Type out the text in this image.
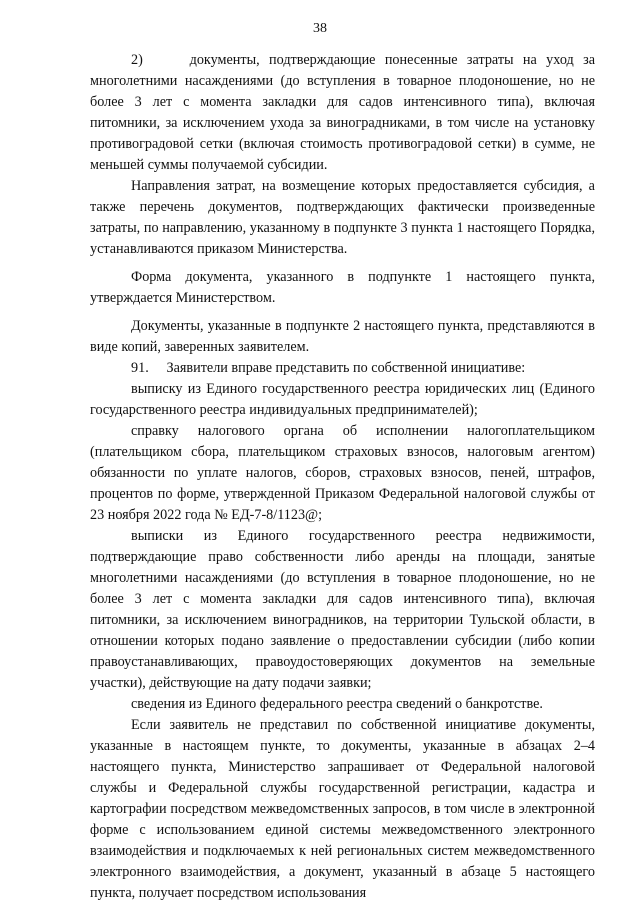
38

2)     документы, подтверждающие понесенные затраты на уход за многолетними насаждениями (до вступления в товарное плодоношение, но не более 3 лет с момента закладки для садов интенсивного типа), включая питомники, за исключением ухода за виноградниками, в том числе на установку противоградовой сетки (включая стоимость противоградовой сетки) в сумме, не меньшей суммы получаемой субсидии.

Направления затрат, на возмещение которых предоставляется субсидия, а также перечень документов, подтверждающих фактически произведенные затраты, по направлению, указанному в подпункте 3 пункта 1 настоящего Порядка, устанавливаются приказом Министерства.

Форма документа, указанного в подпункте 1 настоящего пункта, утверждается Министерством.

Документы, указанные в подпункте 2 настоящего пункта, представляются в виде копий, заверенных заявителем.

91.     Заявители вправе представить по собственной инициативе:

выписку из Единого государственного реестра юридических лиц (Единого государственного реестра индивидуальных предпринимателей);

справку налогового органа об исполнении налогоплательщиком (плательщиком сбора, плательщиком страховых взносов, налоговым агентом) обязанности по уплате налогов, сборов, страховых взносов, пеней, штрафов, процентов по форме, утвержденной Приказом Федеральной налоговой службы от 23 ноября 2022 года № ЕД-7-8/1123@;

выписки из Единого государственного реестра недвижимости, подтверждающие право собственности либо аренды на площади, занятые многолетними насаждениями (до вступления в товарное плодоношение, но не более 3 лет с момента закладки для садов интенсивного типа), включая питомники, за исключением виноградников, на территории Тульской области, в отношении которых подано заявление о предоставлении субсидии (либо копии правоустанавливающих, правоудостоверяющих документов на земельные участки), действующие на дату подачи заявки;

сведения из Единого федерального реестра сведений о банкротстве.

Если заявитель не представил по собственной инициативе документы, указанные в настоящем пункте, то документы, указанные в абзацах 2–4 настоящего пункта, Министерство запрашивает от Федеральной налоговой службы и Федеральной службы государственной регистрации, кадастра и картографии посредством межведомственных запросов, в том числе в электронной форме с использованием единой системы межведомственного электронного взаимодействия и подключаемых к ней региональных систем межведомственного электронного взаимодействия, а документ, указанный в абзаце 5 настоящего пункта, получает посредством использования
